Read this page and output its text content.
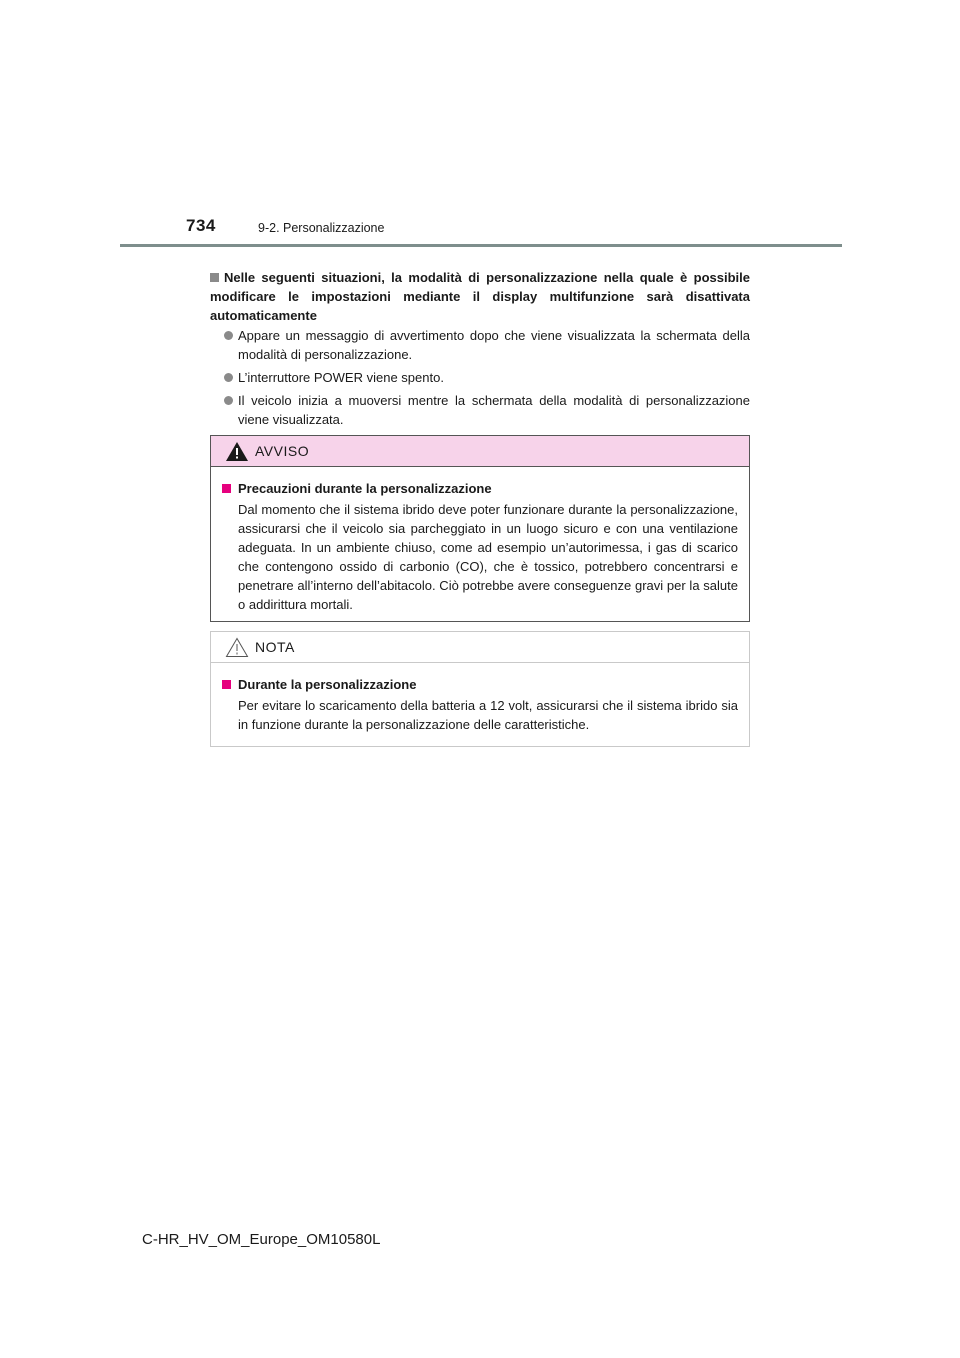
734	9-2. Personalizzazione
Nelle seguenti situazioni, la modalità di personalizzazione nella quale è possibile modificare le impostazioni mediante il display multifunzione sarà disattivata automaticamente
Appare un messaggio di avvertimento dopo che viene visualizzata la schermata della modalità di personalizzazione.
L’interruttore POWER viene spento.
Il veicolo inizia a muoversi mentre la schermata della modalità di personalizzazione viene visualizzata.
AVVISO
Precauzioni durante la personalizzazione
Dal momento che il sistema ibrido deve poter funzionare durante la personalizzazione, assicurarsi che il veicolo sia parcheggiato in un luogo sicuro e con una ventilazione adeguata. In un ambiente chiuso, come ad esempio un’autorimessa, i gas di scarico che contengono ossido di carbonio (CO), che è tossico, potrebbero concentrarsi e penetrare all’interno dell’abitacolo. Ciò potrebbe avere conseguenze gravi per la salute o addirittura mortali.
NOTA
Durante la personalizzazione
Per evitare lo scaricamento della batteria a 12 volt, assicurarsi che il sistema ibrido sia in funzione durante la personalizzazione delle caratteristiche.
C-HR_HV_OM_Europe_OM10580L
